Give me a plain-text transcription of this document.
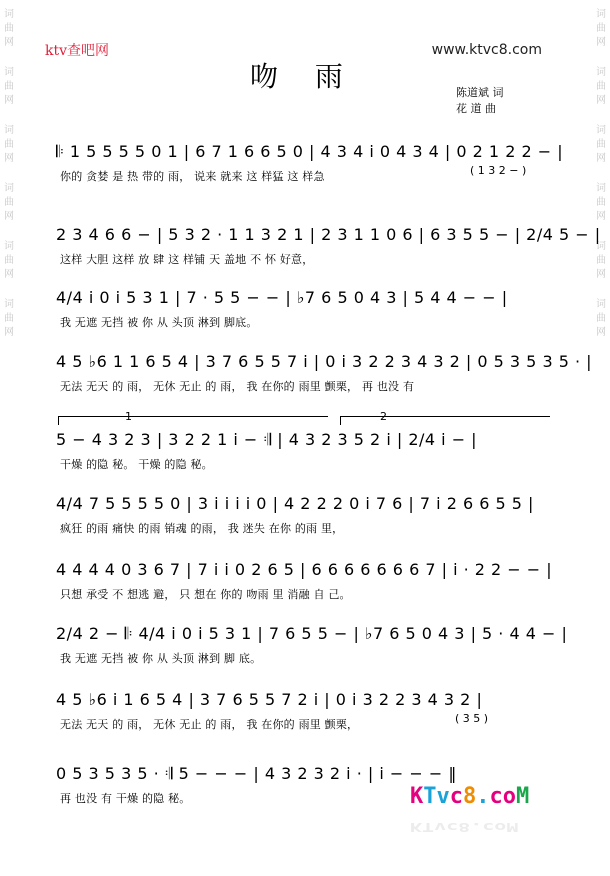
词
曲
网
词
曲
网
词
曲
网
词
曲
网
词
曲
网
词
曲
网
词
曲
网
词
曲
网
词
曲
网
词
曲
网
词
曲
网
词
曲
网
ktv查吧网	www.ktvc8.com
吻 雨	陈道斌 词
花 道 曲
𝄆 1 5 5 5 5 0 1 | 6 7 1 6 6 5 0 | 4 3 4 i 0 4 3 4 | 0 2 1 2 2 − |
你的 贪婪 是 热 带的 雨， 说来 就来 这 样猛 这 样急	( 1 3 2 − )
2 3 4 6 6 − | 5 3 2 · 1 1 3 2 1 | 2 3 1 1 0 6 | 6 3 5 5 − | 2/4 5 − |
这样 大胆 这样 放 肆 这 样铺 天 盖地 不 怀 好意，
4/4 i 0 i 5 3 1 | 7 · 5 5 − − | ♭7 6 5 0 4 3 | 5 4 4 − − |
我 无遮 无挡 被 你 从 头顶 淋到 脚底。
4 5 ♭6 1 1 6 5 4 | 3 7 6 5 5 7 i | 0 i 3 2 2 3 4 3 2 | 0 5 3 5 3 5 · |
无法 无天 的 雨， 无休 无止 的 雨， 我 在你的 雨里 颤栗， 再 也没 有
5 − 4 3 2 3 | 3 2 2 1 i − 𝄇 | 4 3 2 3 5 2 i | 2/4 i − |
干燥 的隐 秘。 干燥 的隐 秘。
4/4 7 5 5 5 5 0 | 3 i i i i 0 | 4 2 2 2 0 i 7 6 | 7 i 2 6 6 5 5 |
疯狂 的雨 痛快 的雨 销魂 的雨， 我 迷失 在你 的雨 里，
4 4 4 4 0 3 6 7 | 7 i i 0 2 6 5 | 6 6 6 6 6 6 6 7 | i · 2 2 − − |
只想 承受 不 想逃 避， 只 想在 你的 吻雨 里 消融 自 己。
2/4 2 − 𝄆 4/4 i 0 i 5 3 1 | 7 6 5 5 − | ♭7 6 5 0 4 3 | 5 · 4 4 − |
我 无遮 无挡 被 你 从 头顶 淋到 脚 底。
4 5 ♭6 i 1 6 5 4 | 3 7 6 5 5 7 2 i | 0 i 3 2 2 3 4 3 2 |
无法 无天 的 雨， 无休 无止 的 雨， 我 在你的 雨里 颤栗，	( 3 5 )
0 5 3 5 3 5 · 𝄇 5 − − − | 4 3 2 3 2 i · | i − − − ‖
再 也没 有 干燥 的隐 秘。
1	2
KTvc8.coM
KTvc8.coM
